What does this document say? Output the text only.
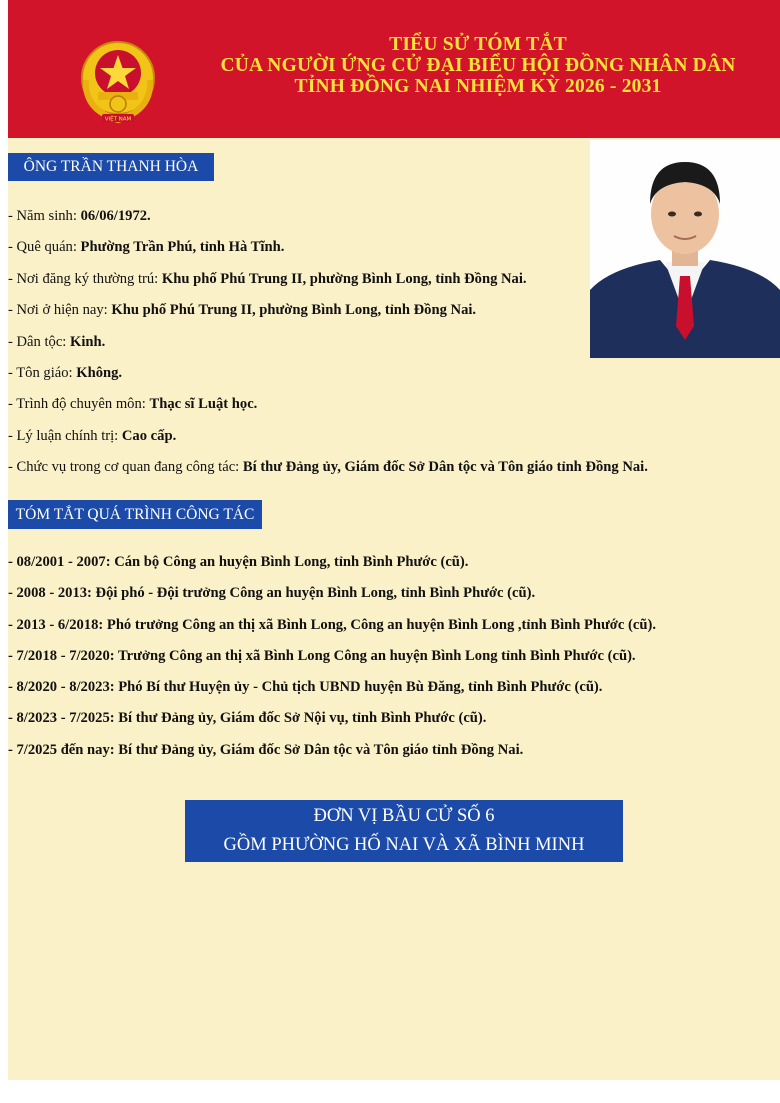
VIỆT NAM
TIỂU SỬ TÓM TẮT
CỦA NGƯỜI ỨNG CỬ ĐẠI BIỂU HỘI ĐỒNG NHÂN DÂN
TỈNH ĐỒNG NAI NHIỆM KỲ 2026 - 2031
ÔNG TRẦN THANH HÒA
- Năm sinh: 06/06/1972.
- Quê quán: Phường Trần Phú, tỉnh Hà Tĩnh.
- Nơi đăng ký thường trú: Khu phố Phú Trung II, phường Bình Long, tỉnh Đồng Nai.
- Nơi ở hiện nay: Khu phố Phú Trung II, phường Bình Long, tỉnh Đồng Nai.
- Dân tộc: Kinh.
- Tôn giáo: Không.
- Trình độ chuyên môn: Thạc sĩ Luật học.
- Lý luận chính trị: Cao cấp.
- Chức vụ trong cơ quan đang công tác: Bí thư Đảng ủy, Giám đốc Sở Dân tộc và Tôn giáo tỉnh Đồng Nai.
TÓM TẮT QUÁ TRÌNH CÔNG TÁC
- 08/2001 - 2007: Cán bộ Công an huyện Bình Long, tỉnh Bình Phước (cũ).
- 2008 - 2013: Đội phó - Đội trưởng Công an huyện Bình Long, tỉnh Bình Phước (cũ).
- 2013 - 6/2018: Phó trưởng Công an thị xã Bình Long, Công an huyện Bình Long ,tỉnh Bình Phước (cũ).
- 7/2018 - 7/2020: Trưởng Công an thị xã Bình Long Công an huyện Bình Long tỉnh Bình Phước (cũ).
- 8/2020 - 8/2023: Phó Bí thư Huyện ủy - Chủ tịch UBND huyện Bù Đăng, tỉnh Bình Phước (cũ).
- 8/2023 - 7/2025: Bí thư Đảng ủy, Giám đốc Sở Nội vụ, tỉnh Bình Phước (cũ).
- 7/2025 đến nay: Bí thư Đảng ủy, Giám đốc Sở Dân tộc và Tôn giáo tỉnh Đồng Nai.
ĐƠN VỊ BẦU CỬ SỐ 6
GỒM PHƯỜNG HỐ NAI VÀ XÃ BÌNH MINH
